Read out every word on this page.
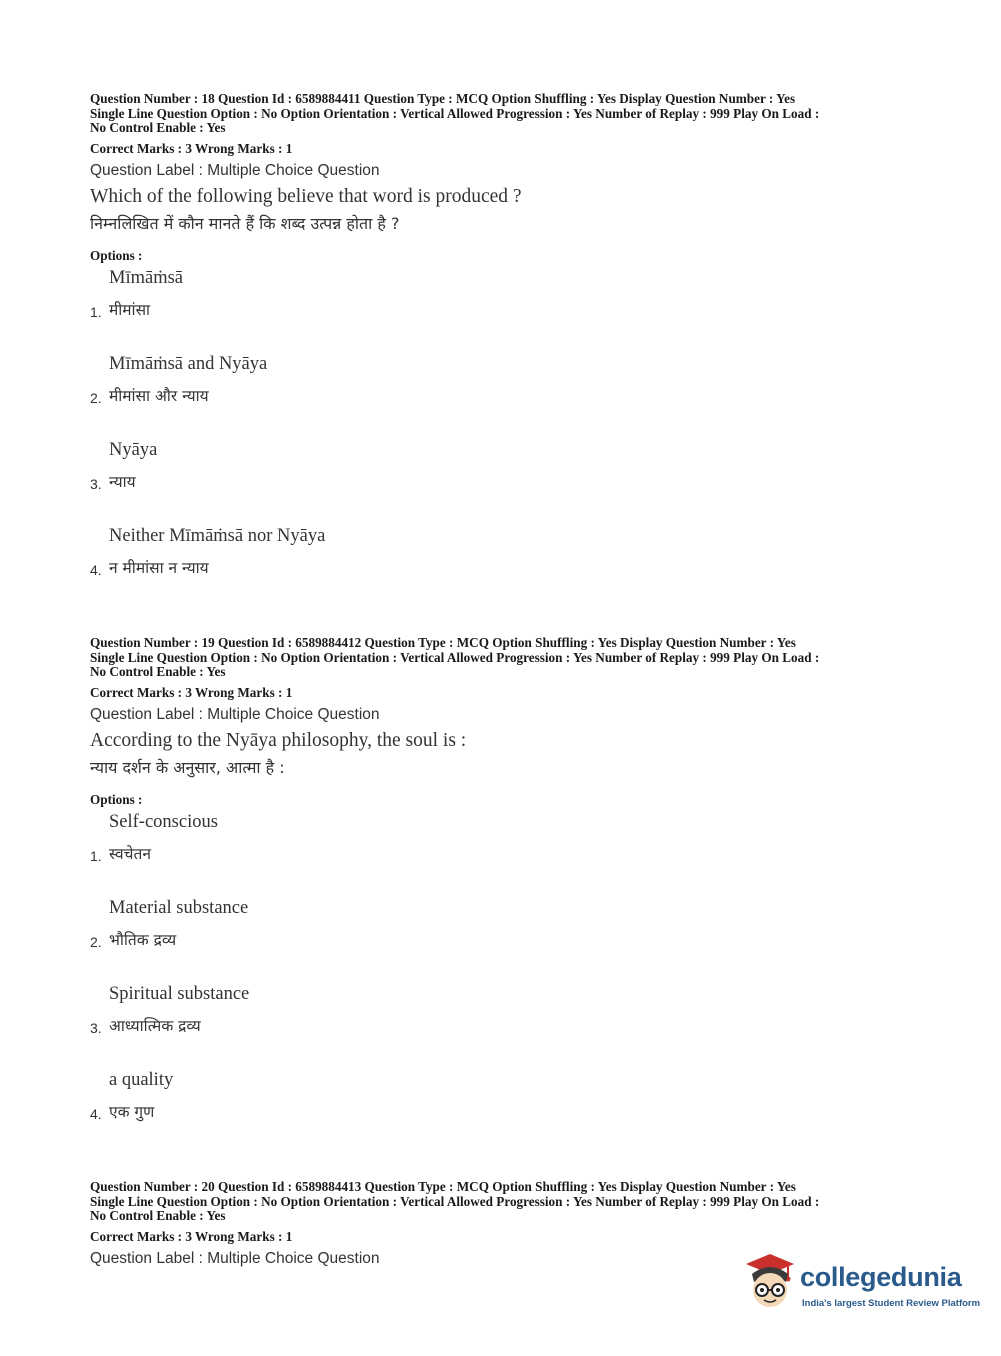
Question Number : 18 Question Id : 6589884411 Question Type : MCQ Option Shuffling : Yes Display Question Number : Yes
Single Line Question Option : No Option Orientation : Vertical Allowed Progression : Yes Number of Replay : 999 Play On Load :
No Control Enable : Yes
Correct Marks : 3 Wrong Marks : 1
Question Label : Multiple Choice Question
Which of the following believe that word is produced ?
निम्नलिखित में कौन मानते हैं कि शब्द उत्पन्न होता है ?
Options :
Mīmāṁsā
मीमांसा
1.
Mīmāṁsā and Nyāya
मीमांसा और न्याय
2.
Nyāya
न्याय
3.
Neither Mīmāṁsā nor Nyāya
न मीमांसा न न्याय
4.
Question Number : 19 Question Id : 6589884412 Question Type : MCQ Option Shuffling : Yes Display Question Number : Yes
Single Line Question Option : No Option Orientation : Vertical Allowed Progression : Yes Number of Replay : 999 Play On Load :
No Control Enable : Yes
Correct Marks : 3 Wrong Marks : 1
Question Label : Multiple Choice Question
According to the Nyāya philosophy, the soul is :
न्याय दर्शन के अनुसार, आत्मा है :
Options :
Self-conscious
स्वचेतन
1.
Material substance
भौतिक द्रव्य
2.
Spiritual substance
आध्यात्मिक द्रव्य
3.
a quality
एक गुण
4.
Question Number : 20 Question Id : 6589884413 Question Type : MCQ Option Shuffling : Yes Display Question Number : Yes
Single Line Question Option : No Option Orientation : Vertical Allowed Progression : Yes Number of Replay : 999 Play On Load :
No Control Enable : Yes
Correct Marks : 3 Wrong Marks : 1
Question Label : Multiple Choice Question
collegedunia
India's largest Student Review Platform
